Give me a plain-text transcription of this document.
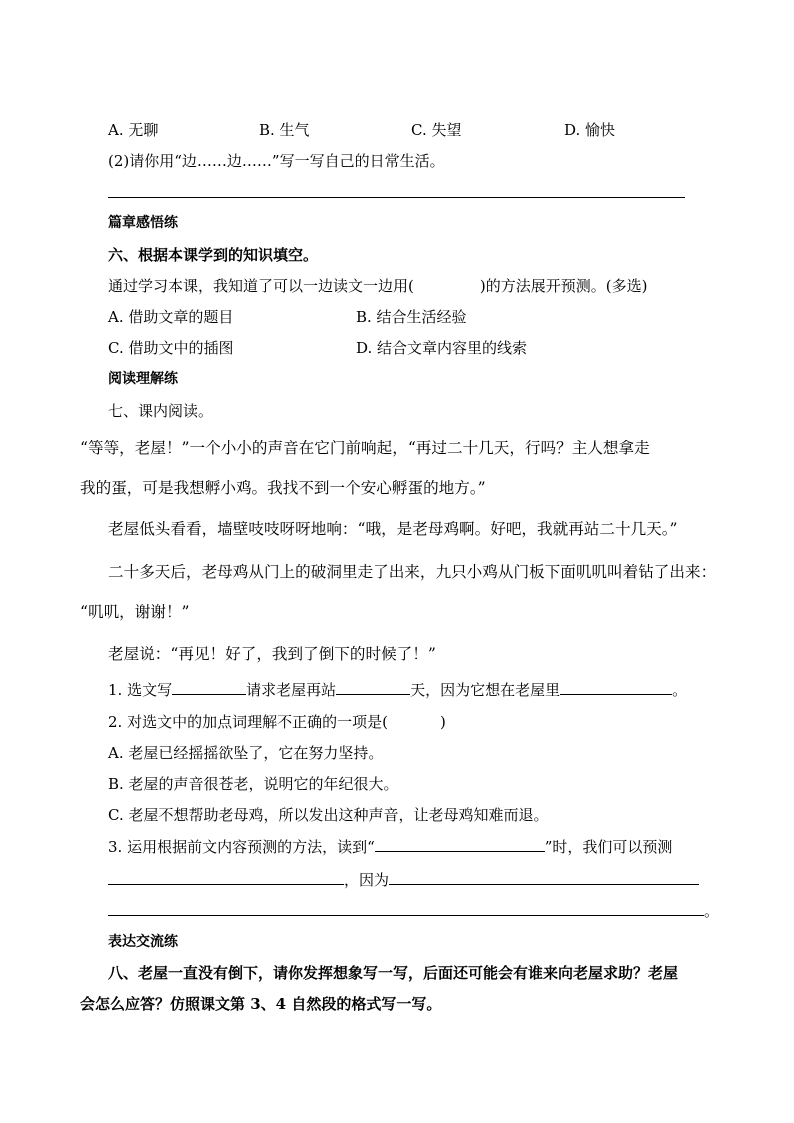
A. 无聊	B. 生气	C. 失望	D. 愉快
(2)请你用“边……边……”写一写自己的日常生活。
篇章感悟练
六、根据本课学到的知识填空。
通过学习本课，我知道了可以一边读文一边用(	)的方法展开预测。(多选)
A. 借助文章的题目	B. 结合生活经验
C. 借助文中的插图	D. 结合文章内容里的线索
阅读理解练
七、课内阅读。
“等等，老屋！”一个小小的声音在它门前响起，“再过二十几天，行吗？主人想拿走
我的蛋，可是我想孵小鸡。我找不到一个安心孵蛋的地方。”
老屋低头看看，墙壁吱吱呀呀地响：“哦，是老母鸡啊。好吧，我就再站二十几天。”
二十多天后，老母鸡从门上的破洞里走了出来，九只小鸡从门板下面叽叽叫着钻了出来：
“叽叽，谢谢！”
老屋说：“再见！好了，我到了倒下的时候了！”
1. 选文写	请求老屋再站	天，因为它想在老屋里	。
2. 对选文中的加点词理解不正确的一项是(	)
A. 老屋已经摇摇欲坠了，它在努力坚持。
B. 老屋的声音很苍老，说明它的年纪很大。
C. 老屋不想帮助老母鸡，所以发出这种声音，让老母鸡知难而退。
3. 运用根据前文内容预测的方法，读到“	”时，我们可以预测
，因为
。
表达交流练
八、老屋一直没有倒下，请你发挥想象写一写，后面还可能会有谁来向老屋求助？老屋
会怎么应答？仿照课文第 3、4 自然段的格式写一写。
